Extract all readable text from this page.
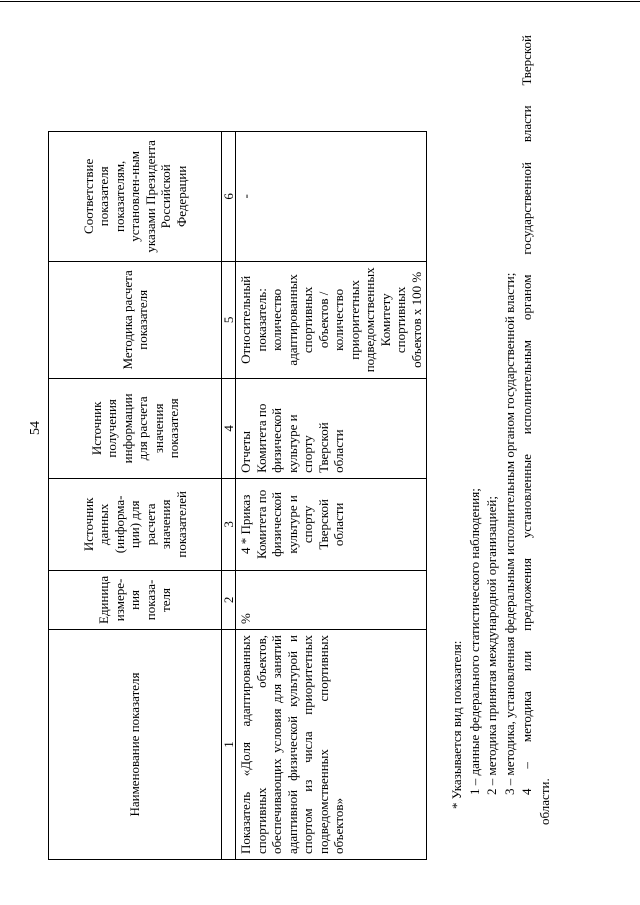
54
Наименование показателя	Единица измере-ния показа-теля	Источник данных (информа-ции) для расчета значения показателей	Источник получения информации для расчета значения показателя	Методика расчета показателя	Соответствие показателя показателям, установлен-ным указами Президента Российской Федерации
1	2	3	4	5	6
Показатель «Доля адаптированных спортивных объектов, обеспечивающих условия для занятий адаптивной физической культурой и спортом из числа приоритетных подведомственных спортивных объектов»	%	4 * Приказ Комитета по физической культуре и спорту Тверской области	Отчеты Комитета по физической культуре и спорту Тверской области	Относительный показатель: количество адаптированных спортивных объектов / количество приоритетных подведомственных Комитету спортивных объектов х 100 %	-

* Указывается вид показателя: 1 – данные федерального статистического наблюдения; 2 – методика принятая международной организацией; 3 – методика, установленная федеральным исполнительным органом государственной власти; 4 – методика или предложения установленные исполнительным органом государственной власти Тверской

области.
